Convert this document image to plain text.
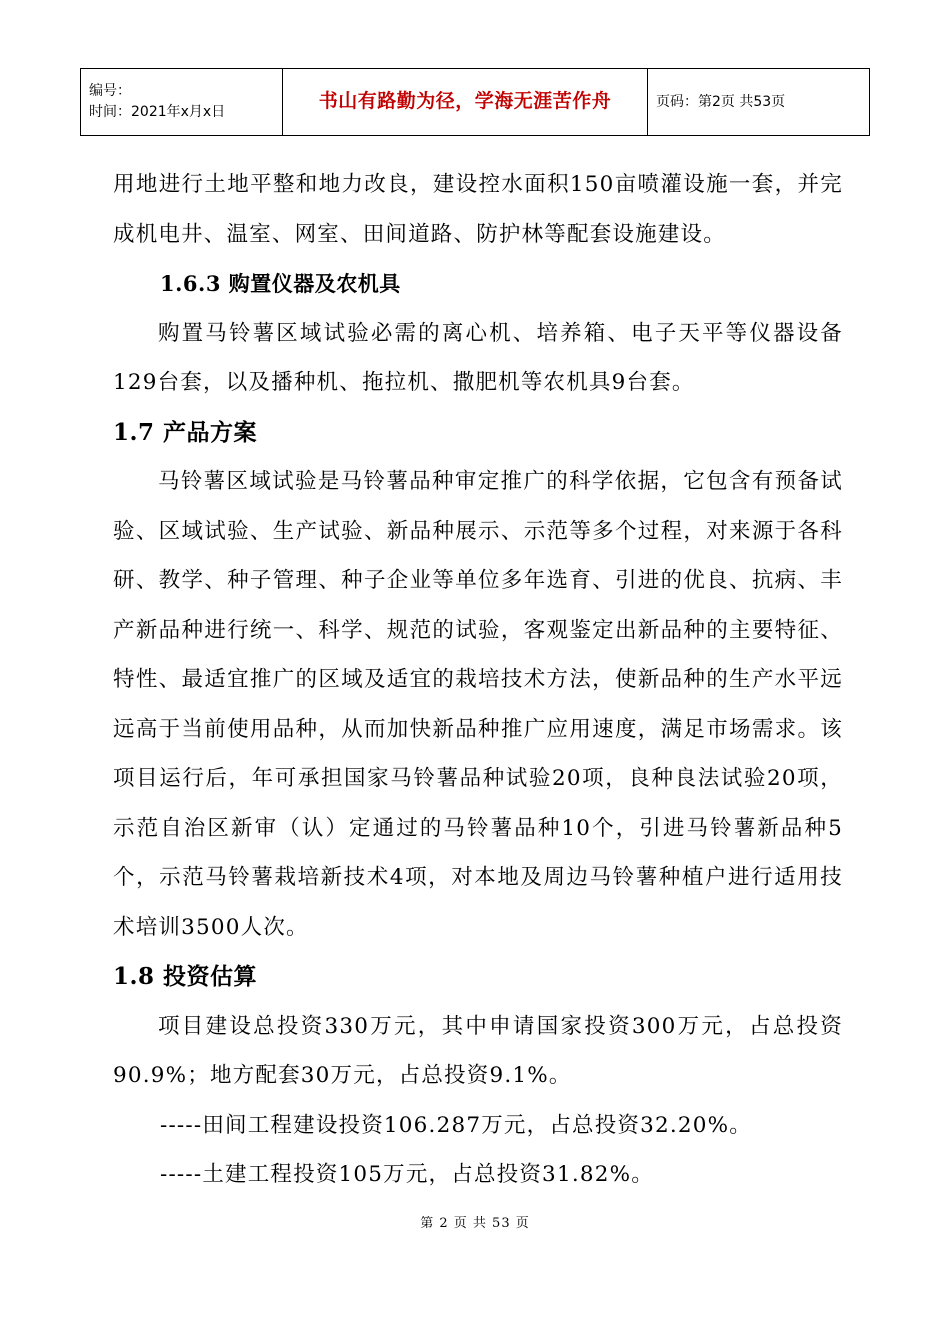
编号：
时间：2021年x月x日
	书山有路勤为径，学海无涯苦作舟	页码：第2页 共53页

用地进行土地平整和地力改良，建设控水面积150亩喷灌设施一套，并完成机电井、温室、网室、田间道路、防护林等配套设施建设。

1.6.3 购置仪器及农机具

购置马铃薯区域试验必需的离心机、培养箱、电子天平等仪器设备129台套，以及播种机、拖拉机、撒肥机等农机具9台套。

1.7 产品方案

马铃薯区域试验是马铃薯品种审定推广的科学依据，它包含有预备试验、区域试验、生产试验、新品种展示、示范等多个过程，对来源于各科研、教学、种子管理、种子企业等单位多年选育、引进的优良、抗病、丰产新品种进行统一、科学、规范的试验，客观鉴定出新品种的主要特征、特性、最适宜推广的区域及适宜的栽培技术方法，使新品种的生产水平远远高于当前使用品种，从而加快新品种推广应用速度，满足市场需求。该项目运行后，年可承担国家马铃薯品种试验20项，良种良法试验20项，示范自治区新审（认）定通过的马铃薯品种10个，引进马铃薯新品种5个，示范马铃薯栽培新技术4项，对本地及周边马铃薯种植户进行适用技术培训3500人次。

1.8 投资估算

项目建设总投资330万元，其中申请国家投资300万元，占总投资90.9%；地方配套30万元，占总投资9.1%。

-----田间工程建设投资106.287万元，占总投资32.20%。

-----土建工程投资105万元，占总投资31.82%。

第 2 页 共 53 页
